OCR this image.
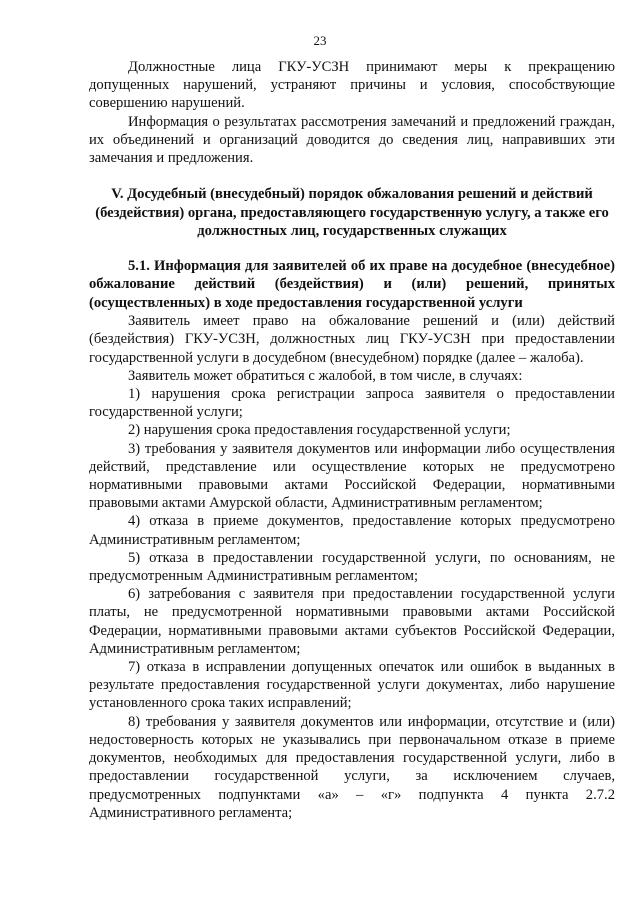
23

Должностные лица ГКУ-УСЗН принимают меры к прекращению допущенных нарушений, устраняют причины и условия, способствующие совершению нарушений.

Информация о результатах рассмотрения замечаний и предложений граждан, их объединений и организаций доводится до сведения лиц, направивших эти замечания и предложения.

V. Досудебный (внесудебный) порядок обжалования решений и действий (бездействия) органа, предоставляющего государственную услугу, а также его должностных лиц, государственных служащих

5.1. Информация для заявителей об их праве на досудебное (внесудебное) обжалование действий (бездействия) и (или) решений, принятых (осуществленных) в ходе предоставления государственной услуги

Заявитель имеет право на обжалование решений и (или) действий (бездействия) ГКУ-УСЗН, должностных лиц ГКУ-УСЗН при предоставлении государственной услуги в досудебном (внесудебном) порядке (далее – жалоба).

Заявитель может обратиться с жалобой, в том числе, в случаях:

1) нарушения срока регистрации запроса заявителя о предоставлении государственной услуги;

2) нарушения срока предоставления государственной услуги;

3) требования у заявителя документов или информации либо осуществления действий, представление или осуществление которых не предусмотрено нормативными правовыми актами Российской Федерации, нормативными правовыми актами Амурской области, Административным регламентом;

4) отказа в приеме документов, предоставление которых предусмотрено Административным регламентом;

5) отказа в предоставлении государственной услуги, по основаниям, не предусмотренным Административным регламентом;

6) затребования с заявителя при предоставлении государственной услуги платы, не предусмотренной нормативными правовыми актами Российской Федерации, нормативными правовыми актами субъектов Российской Федерации, Административным регламентом;

7) отказа в исправлении допущенных опечаток или ошибок в выданных в результате предоставления государственной услуги документах, либо нарушение установленного срока таких исправлений;

8) требования у заявителя документов или информации, отсутствие и (или) недостоверность которых не указывались при первоначальном отказе в приеме документов, необходимых для предоставления государственной услуги, либо в предоставлении государственной услуги, за исключением случаев, предусмотренных подпунктами «а» – «г» подпункта 4 пункта 2.7.2 Административного регламента;
